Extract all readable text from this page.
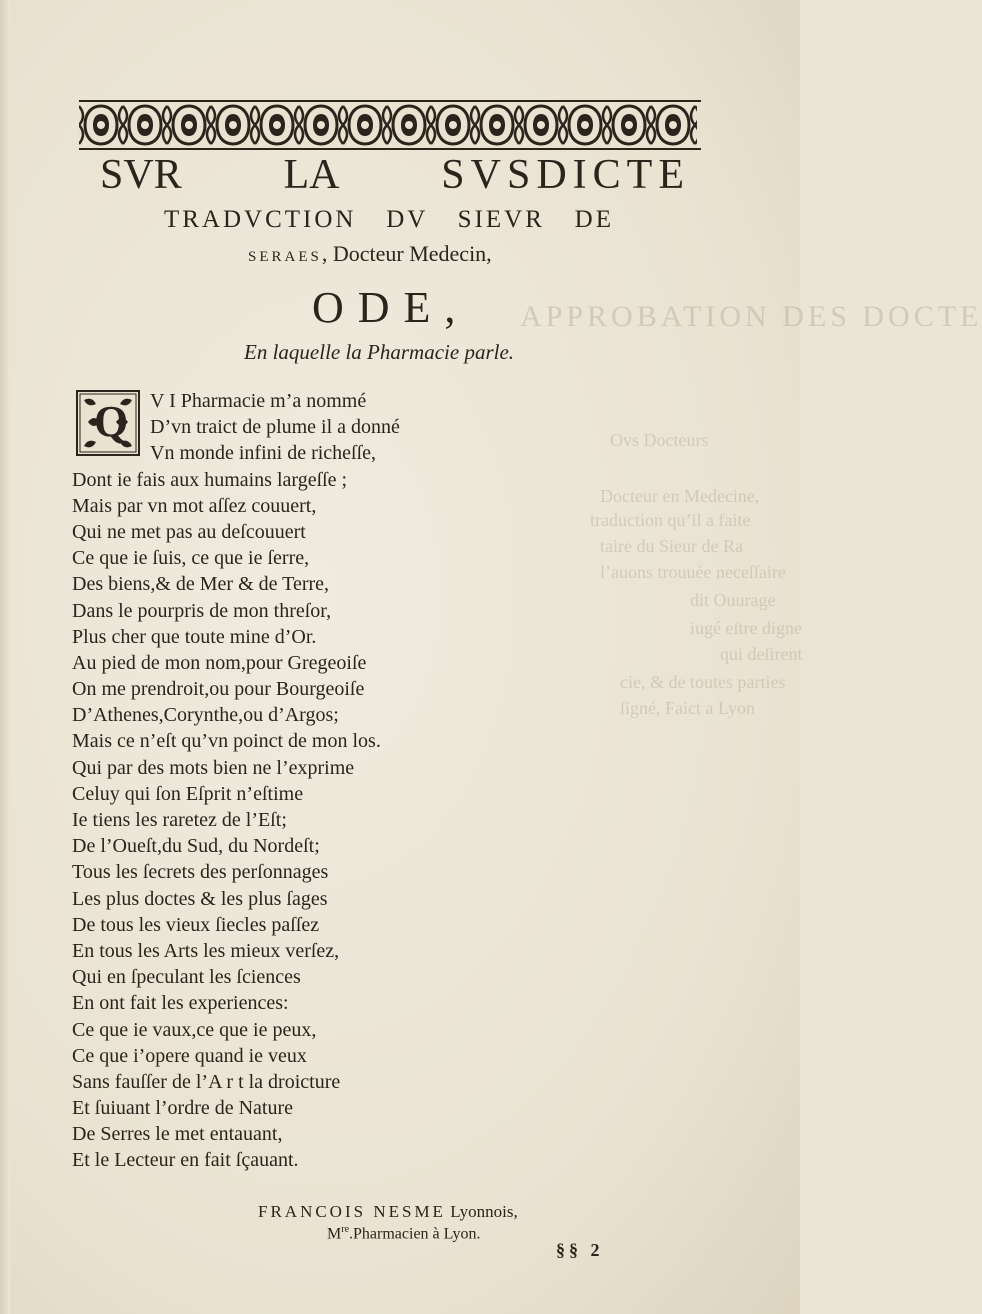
APPROBATION DES DOCTE
Ovs Docteurs
Docteur en Medecine,
traduction qu’il a faite
taire du Sieur de Ra
l’auons trouuée neceſſaire
dit Ouurage
iugé eſtre digne
qui deſirent
cie, & de toutes parties
ſigné, Faict a Lyon
SVR LA SVSDICTE
TRADVCTION DV SIEVR DE
SERAES, Docteur Medecin,
ODE,
En laquelle la Pharmacie parle.
Q	V I Pharmacie m’a nommé
D’vn traict de plume il a donné
Vn monde infini de richeſſe,
Dont ie fais aux humains largeſſe ;
Mais par vn mot aſſez couuert,
Qui ne met pas au deſcouuert
Ce que ie ſuis, ce que ie ſerre,
Des biens,& de Mer & de Terre,
Dans le pourpris de mon threſor,
Plus cher que toute mine d’Or.
Au pied de mon nom,pour Gregeoiſe
On me prendroit,ou pour Bourgeoiſe
D’Athenes,Corynthe,ou d’Argos;
Mais ce n’eſt qu’vn poinct de mon los.
Qui par des mots bien ne l’exprime
Celuy qui ſon Eſprit n’eſtime
Ie tiens les raretez de l’Eſt;
De l’Oueſt,du Sud, du Nordeſt;
Tous les ſecrets des perſonnages
Les plus doctes & les plus ſages
De tous les vieux ſiecles paſſez
En tous les Arts les mieux verſez,
Qui en ſpeculant les ſciences
En ont fait les experiences:
Ce que ie vaux,ce que ie peux,
Ce que i’opere quand ie veux
Sans fauſſer de l’A r t la droicture
Et ſuiuant l’ordre de Nature
De Serres le met entauant,
Et le Lecteur en fait ſçauant.
FRANCOIS NESME Lyonnois,
Mre.Pharmacien à Lyon.
§§ 2
